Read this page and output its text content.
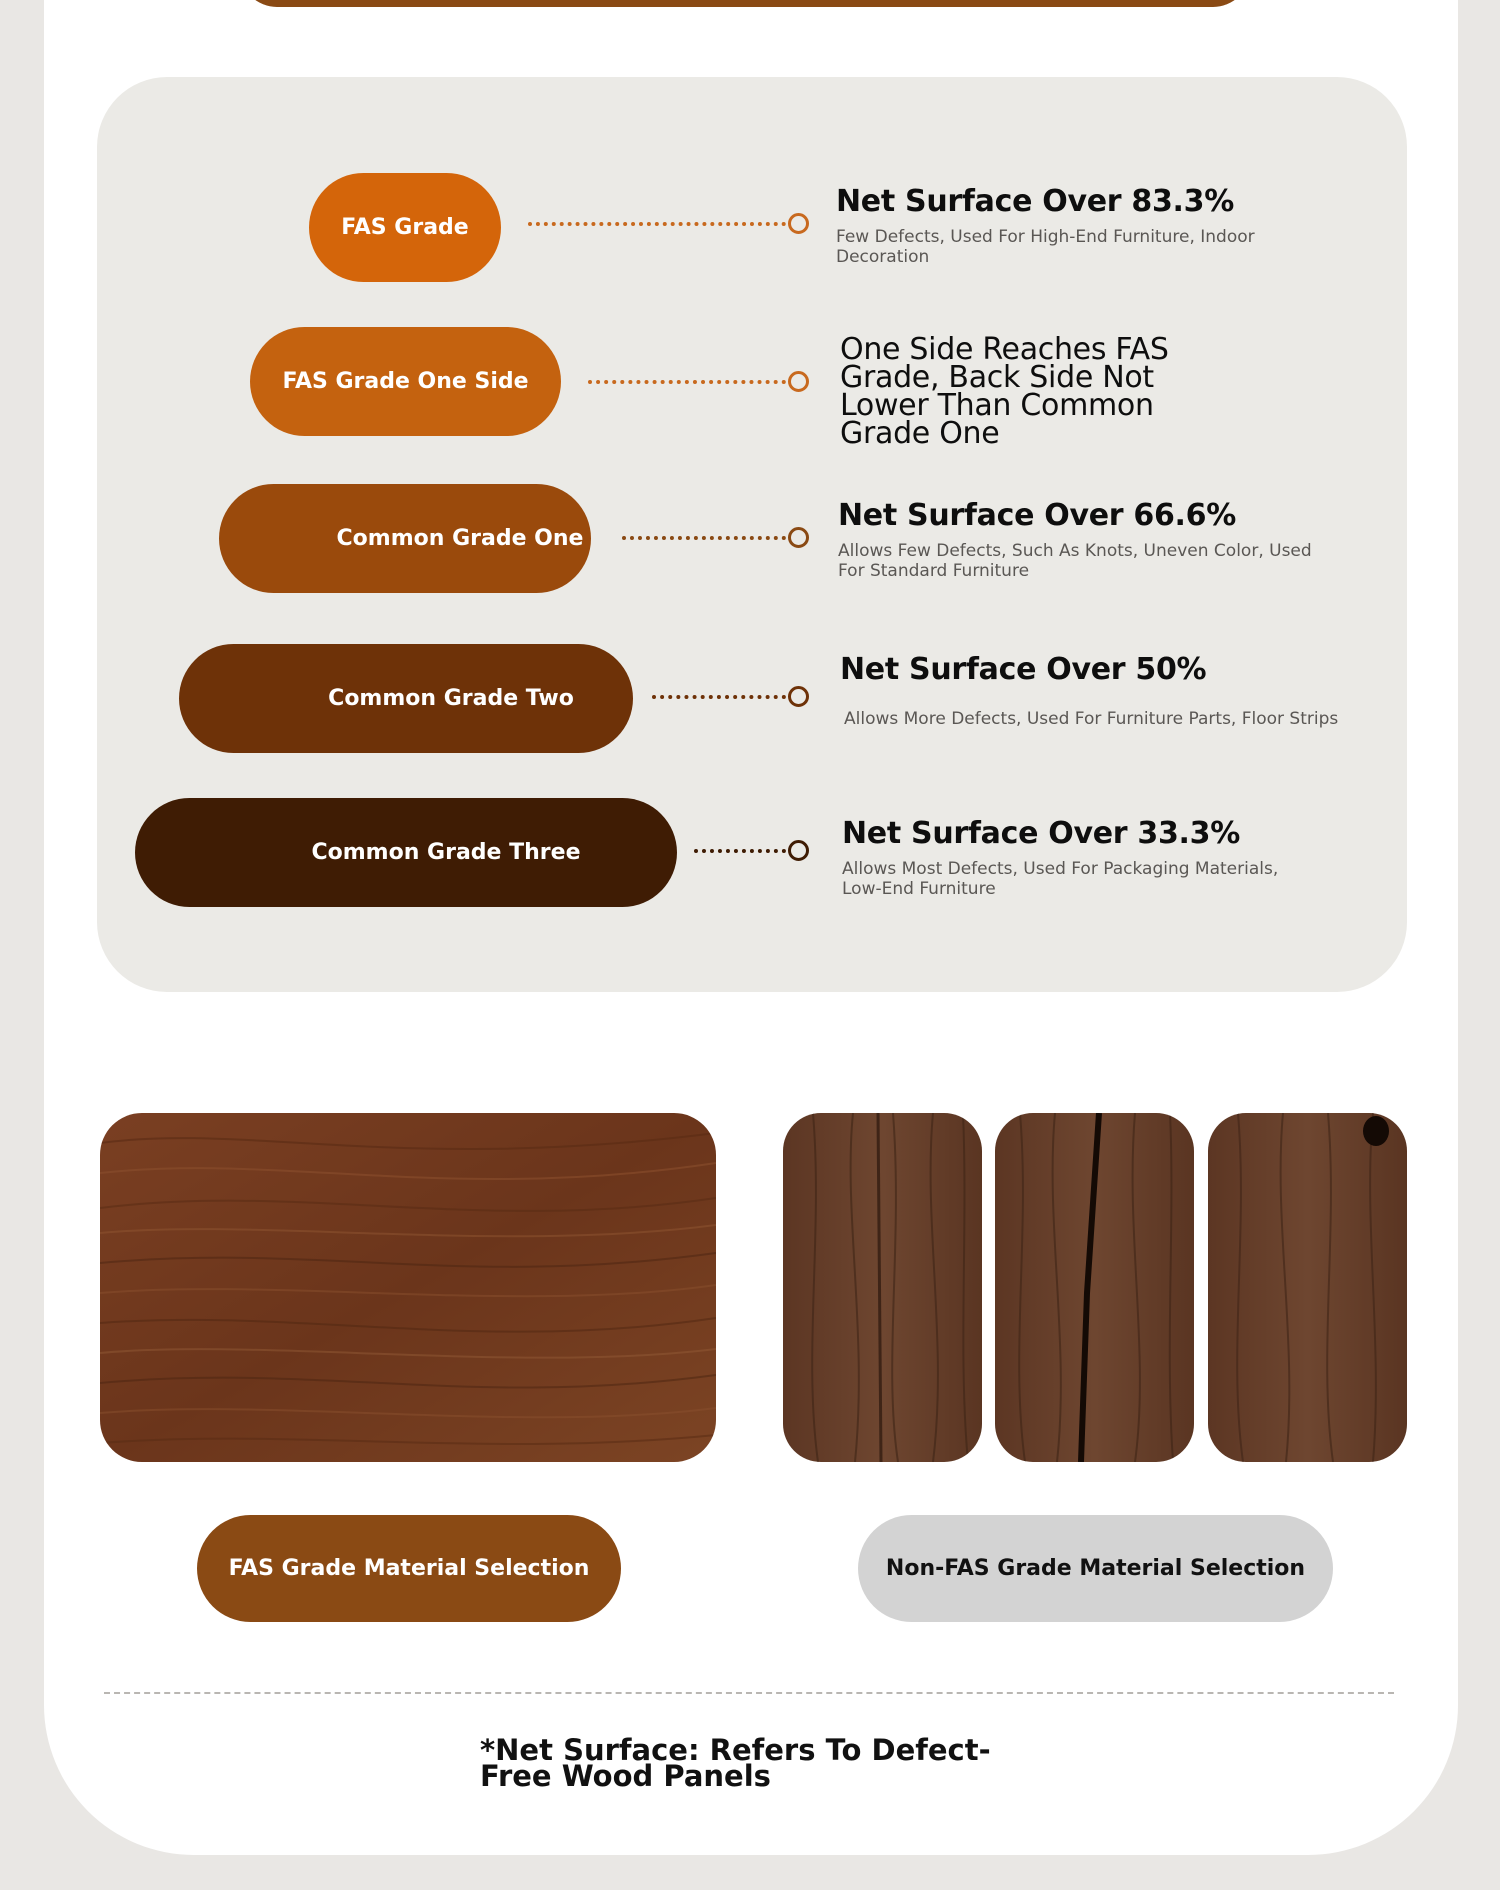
FAS Grade
Net Surface Over 83.3%
Few Defects, Used For High-End Furniture, Indoor Decoration
FAS Grade One Side
One Side Reaches FAS Grade, Back Side Not Lower Than Common Grade One
Common Grade One
Net Surface Over 66.6%
Allows Few Defects, Such As Knots, Uneven Color, Used For Standard Furniture
Common Grade Two
Net Surface Over 50%
Allows More Defects, Used For Furniture Parts, Floor Strips
Common Grade Three
Net Surface Over 33.3%
Allows Most Defects, Used For Packaging Materials, Low-End Furniture
FAS Grade Material Selection	Non-FAS Grade Material Selection
*Net Surface: Refers To Defect-Free Wood Panels
